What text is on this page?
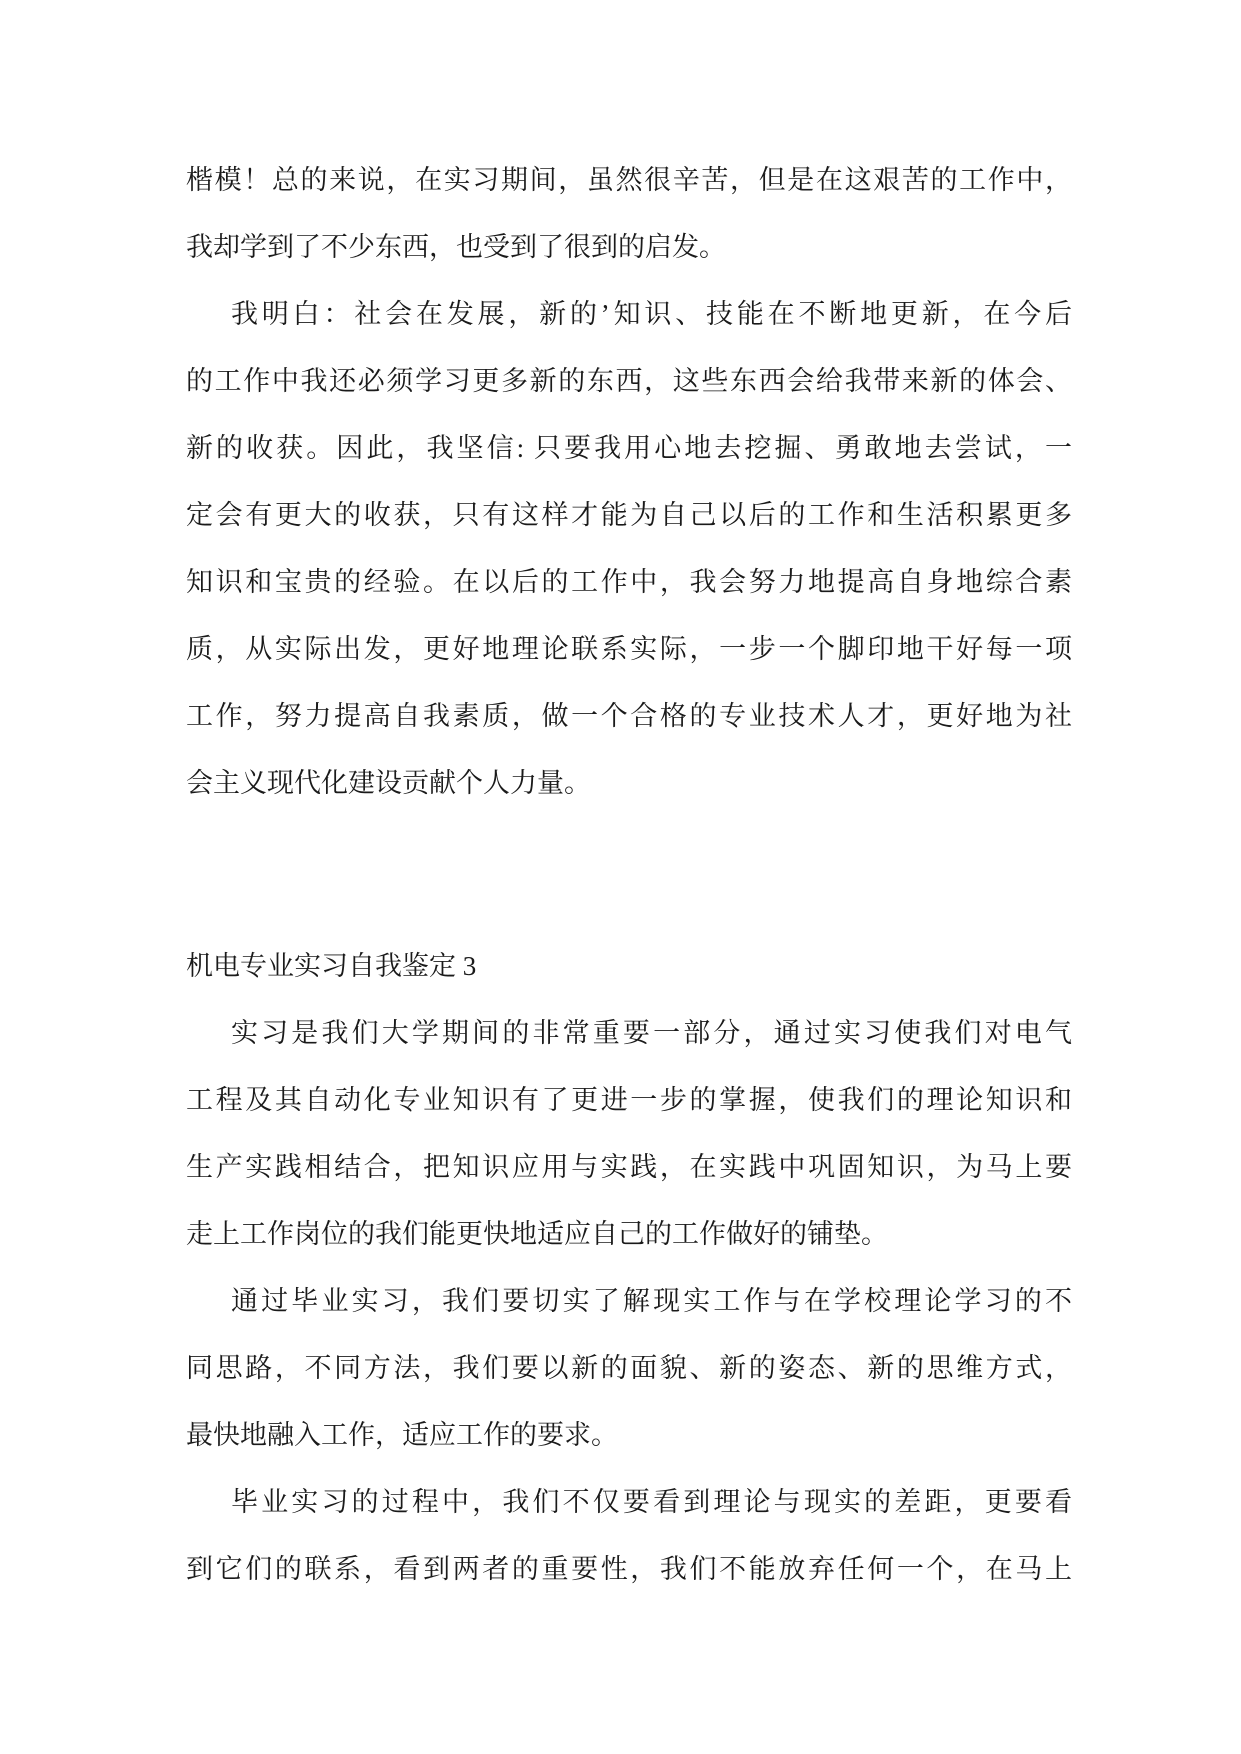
楷模！总的来说，在实习期间，虽然很辛苦，但是在这艰苦的工作中，
我却学到了不少东西，也受到了很到的启发。
我明白：社会在发展，新的’知识、技能在不断地更新，在今后
的工作中我还必须学习更多新的东西，这些东西会给我带来新的体会、
新的收获。因此，我坚信: 只要我用心地去挖掘、勇敢地去尝试，一
定会有更大的收获，只有这样才能为自己以后的工作和生活积累更多
知识和宝贵的经验。在以后的工作中，我会努力地提高自身地综合素
质，从实际出发，更好地理论联系实际，一步一个脚印地干好每一项
工作，努力提高自我素质，做一个合格的专业技术人才，更好地为社
会主义现代化建设贡献个人力量。
机电专业实习自我鉴定 3
实习是我们大学期间的非常重要一部分，通过实习使我们对电气
工程及其自动化专业知识有了更进一步的掌握，使我们的理论知识和
生产实践相结合，把知识应用与实践，在实践中巩固知识，为马上要
走上工作岗位的我们能更快地适应自己的工作做好的铺垫。
通过毕业实习，我们要切实了解现实工作与在学校理论学习的不
同思路，不同方法，我们要以新的面貌、新的姿态、新的思维方式，
最快地融入工作，适应工作的要求。
毕业实习的过程中，我们不仅要看到理论与现实的差距，更要看
到它们的联系，看到两者的重要性，我们不能放弃任何一个，在马上
